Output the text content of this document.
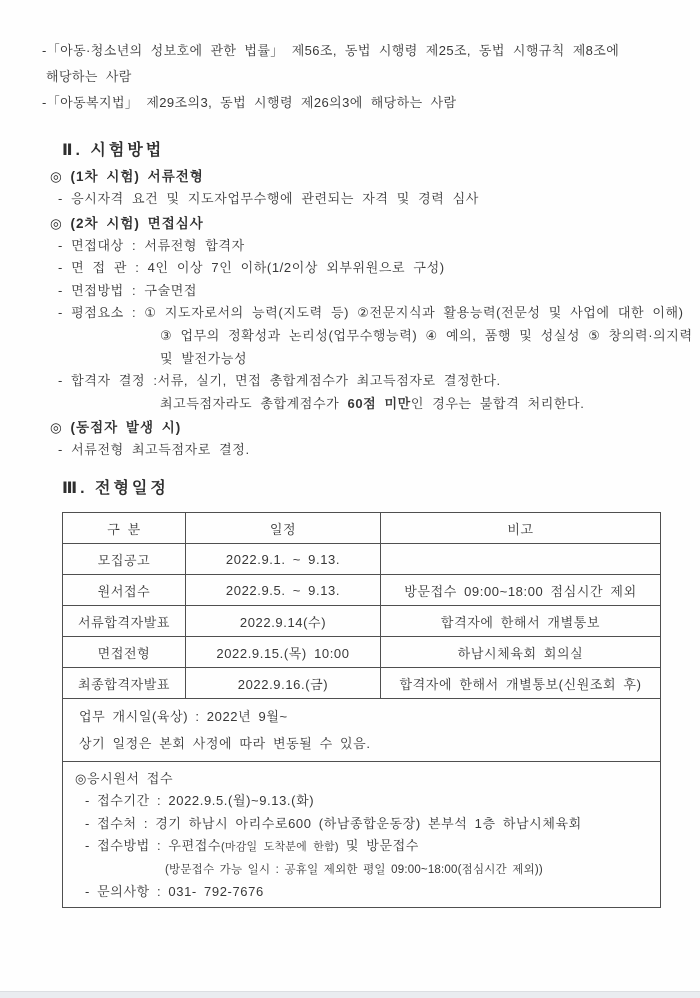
-「아동·청소년의 성보호에 관한 법률」 제56조, 동법 시행령 제25조, 동법 시행규칙 제8조에
해당하는 사람
-「아동복지법」 제29조의3, 동법 시행령 제26의3에 해당하는 사람
Ⅱ. 시험방법
◎ (1차 시험) 서류전형
- 응시자격 요건 및 지도자업무수행에 관련되는 자격 및 경력 심사
◎ (2차 시험) 면접심사
- 면접대상 : 서류전형 합격자
- 면 접 관 : 4인 이상 7인 이하(1/2이상 외부위원으로 구성)
- 면접방법 : 구술면접
- 평점요소 : ① 지도자로서의 능력(지도력 등) ②전문지식과 활용능력(전문성 및 사업에 대한 이해)
③ 업무의 정확성과 논리성(업무수행능력) ④ 예의, 품행 및 성실성 ⑤ 창의력·의지력
및 발전가능성
- 합격자 결정 :서류, 실기, 면접 총합계점수가 최고득점자로 결정한다.
최고득점자라도 총합계점수가 60점 미만인 경우는 불합격 처리한다.
◎ (동점자 발생 시)
- 서류전형 최고득점자로 결정.
Ⅲ. 전형일정
구 분	일정	비고
모집공고	2022.9.1. ~ 9.13.	
원서접수	2022.9.5. ~ 9.13.	방문접수 09:00~18:00 점심시간 제외
서류합격자발표	2022.9.14(수)	합격자에 한해서 개별통보
면접전형	2022.9.15.(목) 10:00	하남시체육회 회의실
최종합격자발표	2022.9.16.(금)	합격자에 한해서 개별통보(신원조회 후)

업무 개시일(육상) : 2022년 9월~
상기 일정은 본회 사정에 따라 변동될 수 있음.		

◎응시원서 접수
- 접수기간 : 2022.9.5.(월)~9.13.(화)
- 접수처 : 경기 하남시 아리수로600 (하남종합운동장) 본부석 1층 하남시체육회
- 접수방법 : 우편접수(마감일 도착분에 한함) 및 방문접수
(방문접수 가능 일시 : 공휴일 제외한 평일 09:00~18:00(점심시간 제외))
- 문의사항 : 031- 792-7676
